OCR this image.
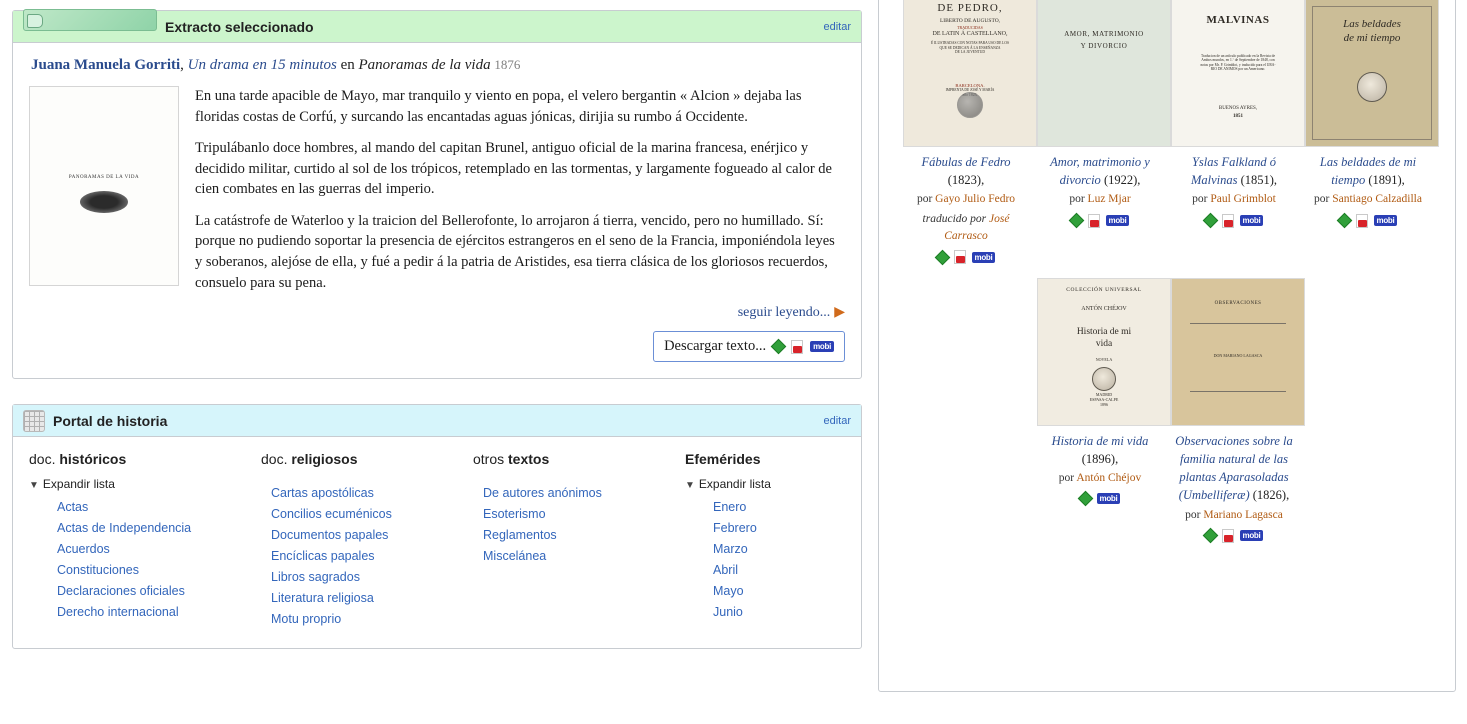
Extracto seleccionado	editar
Juana Manuela Gorriti, Un drama en 15 minutos en Panoramas de la vida 1876
PANORAMAS DE LA VIDA

En una tarde apacible de Mayo, mar tranquilo y viento en popa, el velero bergantin « Alcion » dejaba las floridas costas de Corfú, y surcando las encantadas aguas jónicas, dirijia su rumbo á Occidente.

Tripulábanlo doce hombres, al mando del capitan Brunel, antiguo oficial de la marina francesa, enérjico y decidido militar, curtido al sol de los trópicos, retemplado en las tormentas, y largamente fogueado al calor de cien combates en las guerras del imperio.

La catástrofe de Waterloo y la traicion del Bellerofonte, lo arrojaron á tierra, vencido, pero no humillado. Sí: porque no pudiendo soportar la presencia de ejércitos estrangeros en el seno de la Francia, imponiéndola leyes y soberanos, alejóse de ella, y fué a pedir á la patria de Aristides, esa tierra clásica de los gloriosos recuerdos, consuelo para su pena.

seguir leyendo... ▶
Descargar texto...	mobi
Portal de historia	editar
doc. históricos
▼ Expandir lista
Actas
Actas de Independencia
Acuerdos
Constituciones
Declaraciones oficiales
Derecho internacional
doc. religiosos
Cartas apostólicas
Concilios ecuménicos
Documentos papales
Encíclicas papales
Libros sagrados
Literatura religiosa
Motu proprio
otros textos
De autores anónimos
Esoterismo
Reglamentos
Miscelánea
Efemérides
▼ Expandir lista
Enero
Febrero
Marzo
Abril
Mayo
Junio
DE PEDRO,
LIBERTO DE AUGUSTO,
TRADUCIDAS
DE LATIN Á CASTELLANO,
É ILUSTRADAS CON NOTAS PARA USO DE LOS
QUE SE DEDICAN Á LA ENSEÑANZA
DE LA JUVENTUD
BARCELONA.
IMPRENTA DE JOSÉ Y MARÍA
Fábulas de Fedro (1823),
por Gayo Julio Fedro
traducido por José Carrasco
mobi
AMOR, MATRIMONIO
Y DIVORCIO
Amor, matrimonio y divorcio (1922),
por Luz Mjar
mobi
MALVINAS
Traducion de un artículo publicado en la Revista de
Ambos mundos, en 1.º de Septiembre de 1848, con
notas por Mr. P. Grimblot, y traducido para el URA-
RIO DE ANIMOS por un Americano.
BUENOS AYRES,
1851
Yslas Falkland ó Malvinas (1851),
por Paul Grimblot
mobi
Las beldades
de mi tiempo
Las beldades de mi tiempo (1891),
por Santiago Calzadilla
mobi
COLECCIÓN UNIVERSAL
ANTÓN CHÉJOV
Historia de mi
vida
NOVELA
MADRID
ESPASA-CALPE
1896
Historia de mi vida (1896),
por Antón Chéjov
mobi
OBSERVACIONES
DON MARIANO LAGASCA
Observaciones sobre la familia natural de las plantas Aparasoladas (Umbelliferæ) (1826),
por Mariano Lagasca
mobi
